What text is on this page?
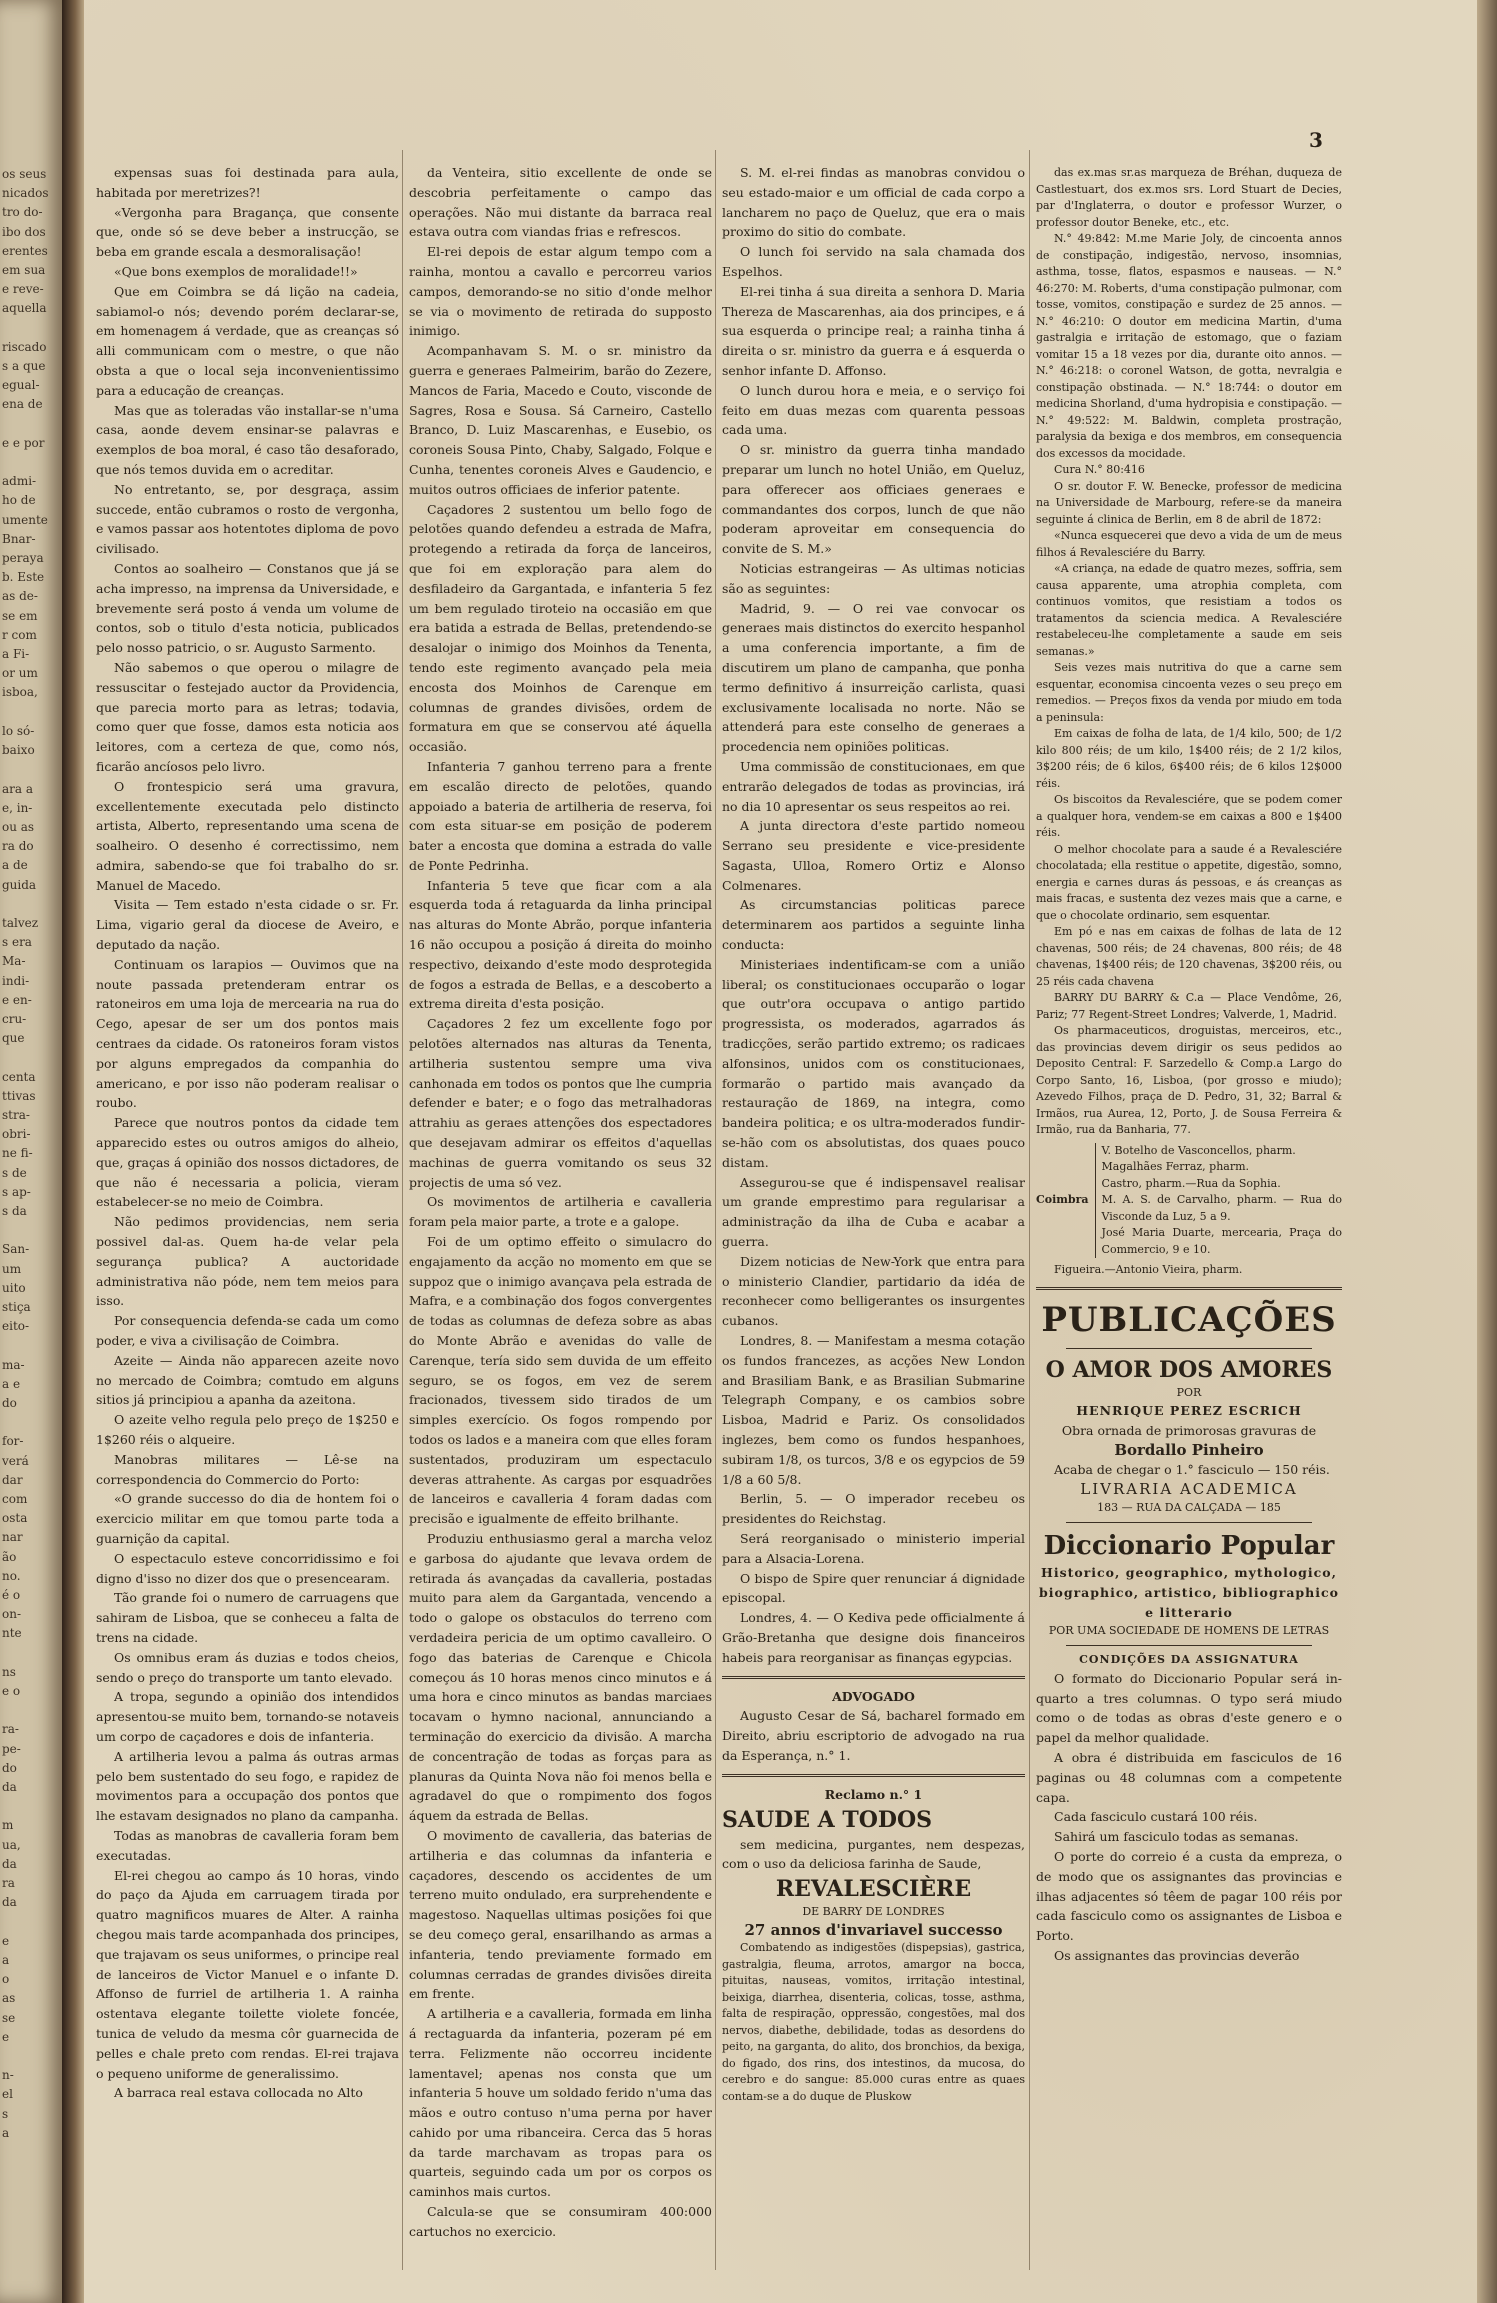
os seus
nicados
tro do-
ibo dos
erentes
em sua
e reve-
aquella

riscado
s a que
egual-
ena de

e e por

admi-
ho de
umente
Bnar-
peraya
b. Este
as de-
se em
r com
a Fi-
or um
isboa,

lo só-
baixo

ara a
e, in-
ou as
ra do
a de
guida

talvez
s era
Ma-
indi-
e en-
cru-
que

centa
ttivas
stra-
obri-
ne fi-
s de
s ap-
s da

San-
um
uito
stiça
eito-

ma-
a e
do

for-
verá
dar
com
osta
nar
ão
no.
é o
on-
nte

ns
e o

ra-
pe-
do
da

m
ua,
da
ra
da

e
a
o
as
se
e

n-
el
s
a
3

expensas suas foi destinada para aula, habitada por meretrizes?!

«Vergonha para Bragança, que consente que, onde só se deve beber a instrucção, se beba em grande escala a desmoralisação!

«Que bons exemplos de moralidade!!»

Que em Coimbra se dá lição na cadeia, sabiamol-o nós; devendo porém declarar-se, em homenagem á verdade, que as creanças só alli communicam com o mestre, o que não obsta a que o local seja inconvenientissimo para a educação de creanças.

Mas que as toleradas vão installar-se n'uma casa, aonde devem ensinar-se palavras e exemplos de boa moral, é caso tão desaforado, que nós temos duvida em o acreditar.

No entretanto, se, por desgraça, assim succede, então cubramos o rosto de vergonha, e vamos passar aos hotentotes diploma de povo civilisado.

Contos ao soalheiro — Constanos que já se acha impresso, na imprensa da Universidade, e brevemente será posto á venda um volume de contos, sob o titulo d'esta noticia, publicados pelo nosso patricio, o sr. Augusto Sarmento.

Não sabemos o que operou o milagre de ressuscitar o festejado auctor da Providencia, que parecia morto para as letras; todavia, como quer que fosse, damos esta noticia aos leitores, com a certeza de que, como nós, ficarão ancíosos pelo livro.

O frontespicio será uma gravura, excellentemente executada pelo distincto artista, Alberto, representando uma scena de soalheiro. O desenho é correctissimo, nem admira, sabendo-se que foi trabalho do sr. Manuel de Macedo.

Visita — Tem estado n'esta cidade o sr. Fr. Lima, vigario geral da diocese de Aveiro, e deputado da nação.

Continuam os larapios — Ouvimos que na noute passada pretenderam entrar os ratoneiros em uma loja de mercearia na rua do Cego, apesar de ser um dos pontos mais centraes da cidade. Os ratoneiros foram vistos por alguns empregados da companhia do americano, e por isso não poderam realisar o roubo.

Parece que noutros pontos da cidade tem apparecido estes ou outros amigos do alheio, que, graças á opinião dos nossos dictadores, de que não é necessaria a policia, vieram estabelecer-se no meio de Coimbra.

Não pedimos providencias, nem seria possivel dal-as. Quem ha-de velar pela segurança publica? A auctoridade administrativa não póde, nem tem meios para isso.

Por consequencia defenda-se cada um como poder, e viva a civilisação de Coimbra.

Azeite — Ainda não apparecen azeite novo no mercado de Coimbra; comtudo em alguns sitios já principiou a apanha da azeitona.

O azeite velho regula pelo preço de 1$250 e 1$260 réis o alqueire.

Manobras militares — Lê-se na correspondencia do Commercio do Porto:

«O grande successo do dia de hontem foi o exercicio militar em que tomou parte toda a guarnição da capital.

O espectaculo esteve concorridissimo e foi digno d'isso no dizer dos que o presencearam.

Tão grande foi o numero de carruagens que sahiram de Lisboa, que se conheceu a falta de trens na cidade.

Os omnibus eram ás duzias e todos cheios, sendo o preço do transporte um tanto elevado.

A tropa, segundo a opinião dos intendidos apresentou-se muito bem, tornando-se notaveis um corpo de caçadores e dois de infanteria.

A artilheria levou a palma ás outras armas pelo bem sustentado do seu fogo, e rapidez de movimentos para a occupação dos pontos que lhe estavam designados no plano da campanha.

Todas as manobras de cavalleria foram bem executadas.

El-rei chegou ao campo ás 10 horas, vindo do paço da Ajuda em carruagem tirada por quatro magnificos muares de Alter. A rainha chegou mais tarde acompanhada dos principes, que trajavam os seus uniformes, o principe real de lanceiros de Victor Manuel e o infante D. Affonso de furriel de artilheria 1. A rainha ostentava elegante toilette violete foncée, tunica de veludo da mesma côr guarnecida de pelles e chale preto com rendas. El-rei trajava o pequeno uniforme de generalissimo.

A barraca real estava collocada no Alto

da Venteira, sitio excellente de onde se descobria perfeitamente o campo das operações. Não mui distante da barraca real estava outra com viandas frias e refrescos.

El-rei depois de estar algum tempo com a rainha, montou a cavallo e percorreu varios campos, demorando-se no sitio d'onde melhor se via o movimento de retirada do supposto inimigo.

Acompanhavam S. M. o sr. ministro da guerra e generaes Palmeirim, barão do Zezere, Mancos de Faria, Macedo e Couto, visconde de Sagres, Rosa e Sousa. Sá Carneiro, Castello Branco, D. Luiz Mascarenhas, e Eusebio, os coroneis Sousa Pinto, Chaby, Salgado, Folque e Cunha, tenentes coroneis Alves e Gaudencio, e muitos outros officiaes de inferior patente.

Caçadores 2 sustentou um bello fogo de pelotões quando defendeu a estrada de Mafra, protegendo a retirada da força de lanceiros, que foi em exploração para alem do desfiladeiro da Gargantada, e infanteria 5 fez um bem regulado tiroteio na occasião em que era batida a estrada de Bellas, pretendendo-se desalojar o inimigo dos Moinhos da Tenenta, tendo este regimento avançado pela meia encosta dos Moinhos de Carenque em columnas de grandes divisões, ordem de formatura em que se conservou até áquella occasião.

Infanteria 7 ganhou terreno para a frente em escalão directo de pelotões, quando appoiado a bateria de artilheria de reserva, foi com esta situar-se em posição de poderem bater a encosta que domina a estrada do valle de Ponte Pedrinha.

Infanteria 5 teve que ficar com a ala esquerda toda á retaguarda da linha principal nas alturas do Monte Abrão, porque infanteria 16 não occupou a posição á direita do moinho respectivo, deixando d'este modo desprotegida de fogos a estrada de Bellas, e a descoberto a extrema direita d'esta posição.

Caçadores 2 fez um excellente fogo por pelotões alternados nas alturas da Tenenta, artilheria sustentou sempre uma viva canhonada em todos os pontos que lhe cumpria defender e bater; e o fogo das metralhadoras attrahiu as geraes attenções dos espectadores que desejavam admirar os effeitos d'aquellas machinas de guerra vomitando os seus 32 projectis de uma só vez.

Os movimentos de artilheria e cavalleria foram pela maior parte, a trote e a galope.

Foi de um optimo effeito o simulacro do engajamento da acção no momento em que se suppoz que o inimigo avançava pela estrada de Mafra, e a combinação dos fogos convergentes de todas as columnas de defeza sobre as abas do Monte Abrão e avenidas do valle de Carenque, tería sido sem duvida de um effeito seguro, se os fogos, em vez de serem fracionados, tivessem sido tirados de um simples exercício. Os fogos rompendo por todos os lados e a maneira com que elles foram sustentados, produziram um espectaculo deveras attrahente. As cargas por esquadrões de lanceiros e cavalleria 4 foram dadas com precisão e igualmente de effeito brilhante.

Produziu enthusiasmo geral a marcha veloz e garbosa do ajudante que levava ordem de retirada ás avançadas da cavalleria, postadas muito para alem da Gargantada, vencendo a todo o galope os obstaculos do terreno com verdadeira pericia de um optimo cavalleiro. O fogo das baterias de Carenque e Chicola começou ás 10 horas menos cinco minutos e á uma hora e cinco minutos as bandas marciaes tocavam o hymno nacional, annunciando a terminação do exercicio da divisão. A marcha de concentração de todas as forças para as planuras da Quinta Nova não foi menos bella e agradavel do que o rompimento dos fogos áquem da estrada de Bellas.

O movimento de cavalleria, das baterias de artilheria e das columnas da infanteria e caçadores, descendo os accidentes de um terreno muito ondulado, era surprehendente e magestoso. Naquellas ultimas posições foi que se deu começo geral, ensarilhando as armas a infanteria, tendo previamente formado em columnas cerradas de grandes divisões direita em frente.

A artilheria e a cavalleria, formada em linha á rectaguarda da infanteria, pozeram pé em terra. Felizmente não occorreu incidente lamentavel; apenas nos consta que um infanteria 5 houve um soldado ferido n'uma das mãos e outro contuso n'uma perna por haver cahido por uma ribanceira. Cerca das 5 horas da tarde marchavam as tropas para os quarteis, seguindo cada um por os corpos os caminhos mais curtos.

Calcula-se que se consumiram 400:000 cartuchos no exercicio.

S. M. el-rei findas as manobras convidou o seu estado-maior e um official de cada corpo a lancharem no paço de Queluz, que era o mais proximo do sitio do combate.

O lunch foi servido na sala chamada dos Espelhos.

El-rei tinha á sua direita a senhora D. Maria Thereza de Mascarenhas, aia dos principes, e á sua esquerda o principe real; a rainha tinha á direita o sr. ministro da guerra e á esquerda o senhor infante D. Affonso.

O lunch durou hora e meia, e o serviço foi feito em duas mezas com quarenta pessoas cada uma.

O sr. ministro da guerra tinha mandado preparar um lunch no hotel União, em Queluz, para offerecer aos officiaes generaes e commandantes dos corpos, lunch de que não poderam aproveitar em consequencia do convite de S. M.»

Noticias estrangeiras — As ultimas noticias são as seguintes:

Madrid, 9. — O rei vae convocar os generaes mais distinctos do exercito hespanhol a uma conferencia importante, a fim de discutirem um plano de campanha, que ponha termo definitivo á insurreição carlista, quasi exclusivamente localisada no norte. Não se attenderá para este conselho de generaes a procedencia nem opiniões politicas.

Uma commissão de constitucionaes, em que entrarão delegados de todas as provincias, irá no dia 10 apresentar os seus respeitos ao rei.

A junta directora d'este partido nomeou Serrano seu presidente e vice-presidente Sagasta, Ulloa, Romero Ortiz e Alonso Colmenares.

As circumstancias politicas parece determinarem aos partidos a seguinte linha conducta:

Ministeriaes indentificam-se com a união liberal; os constitucionaes occuparão o logar que outr'ora occupava o antigo partido progressista, os moderados, agarrados ás tradicções, serão partido extremo; os radicaes alfonsinos, unidos com os constitucionaes, formarão o partido mais avançado da restauração de 1869, na integra, como bandeira politica; e os ultra-moderados fundir-se-hão com os absolutistas, dos quaes pouco distam.

Assegurou-se que é indispensavel realisar um grande emprestimo para regularisar a administração da ilha de Cuba e acabar a guerra.

Dizem noticias de New-York que entra para o ministerio Clandier, partidario da idéa de reconhecer como belligerantes os insurgentes cubanos.

Londres, 8. — Manifestam a mesma cotação os fundos francezes, as acções New London and Brasiliam Bank, e as Brasilian Submarine Telegraph Company, e os cambios sobre Lisboa, Madrid e Pariz. Os consolidados inglezes, bem como os fundos hespanhoes, subiram 1/8, os turcos, 3/8 e os egypcios de 59 1/8 a 60 5/8.

Berlin, 5. — O imperador recebeu os presidentes do Reichstag.

Será reorganisado o ministerio imperial para a Alsacia-Lorena.

O bispo de Spire quer renunciar á dignidade episcopal.

Londres, 4. — O Kediva pede officialmente á Grão-Bretanha que designe dois financeiros habeis para reorganisar as finanças egypcias.

ADVOGADO

Augusto Cesar de Sá, bacharel formado em Direito, abriu escriptorio de advogado na rua da Esperança, n.° 1.

Reclamo n.° 1

SAUDE A TODOS

sem medicina, purgantes, nem despezas, com o uso da deliciosa farinha de Saude,

REVALESCIÈRE

DE BARRY DE LONDRES

27 annos d'invariavel successo

Combatendo as indigestões (dispepsias), gastrica, gastralgia, fleuma, arrotos, amargor na bocca, pituitas, nauseas, vomitos, irritação intestinal, beixiga, diarrhea, disenteria, colicas, tosse, asthma, falta de respiração, oppressão, congestões, mal dos nervos, diabethe, debilidade, todas as desordens do peito, na garganta, do alito, dos bronchios, da bexiga, do figado, dos rins, dos intestinos, da mucosa, do cerebro e do sangue: 85.000 curas entre as quaes contam-se a do duque de Pluskow

das ex.mas sr.as marqueza de Bréhan, duqueza de Castlestuart, dos ex.mos srs. Lord Stuart de Decies, par d'Inglaterra, o doutor e professor Wurzer, o professor doutor Beneke, etc., etc.

N.° 49:842: M.me Marie Joly, de cincoenta annos de constipação, indigestão, nervoso, insomnias, asthma, tosse, flatos, espasmos e nauseas. — N.° 46:270: M. Roberts, d'uma constipação pulmonar, com tosse, vomitos, constipação e surdez de 25 annos. — N.° 46:210: O doutor em medicina Martin, d'uma gastralgia e irritação de estomago, que o faziam vomitar 15 a 18 vezes por dia, durante oito annos. — N.° 46:218: o coronel Watson, de gotta, nevralgia e constipação obstinada. — N.° 18:744: o doutor em medicina Shorland, d'uma hydropisia e constipação. — N.° 49:522: M. Baldwin, completa prostração, paralysia da bexiga e dos membros, em consequencia dos excessos da mocidade.

Cura N.° 80:416

O sr. doutor F. W. Benecke, professor de medicina na Universidade de Marbourg, refere-se da maneira seguinte á clinica de Berlin, em 8 de abril de 1872:

«Nunca esquecerei que devo a vida de um de meus filhos á Revalesciére du Barry.

«A criança, na edade de quatro mezes, soffria, sem causa apparente, uma atrophia completa, com continuos vomitos, que resistiam a todos os tratamentos da sciencia medica. A Revalesciére restabeleceu-lhe completamente a saude em seis semanas.»

Seis vezes mais nutritiva do que a carne sem esquentar, economisa cincoenta vezes o seu preço em remedios. — Preços fixos da venda por miudo em toda a peninsula:

Em caixas de folha de lata, de 1/4 kilo, 500; de 1/2 kilo 800 réis; de um kilo, 1$400 réis; de 2 1/2 kilos, 3$200 réis; de 6 kilos, 6$400 réis; de 6 kilos 12$000 réis.

Os biscoitos da Revalesciére, que se podem comer a qualquer hora, vendem-se em caixas a 800 e 1$400 réis.

O melhor chocolate para a saude é a Revalesciére chocolatada; ella restitue o appetite, digestão, somno, energia e carnes duras ás pessoas, e ás creanças as mais fracas, e sustenta dez vezes mais que a carne, e que o chocolate ordinario, sem esquentar.

Em pó e nas em caixas de folhas de lata de 12 chavenas, 500 réis; de 24 chavenas, 800 réis; de 48 chavenas, 1$400 réis; de 120 chavenas, 3$200 réis, ou 25 réis cada chavena

BARRY DU BARRY & C.a — Place Vendôme, 26, Pariz; 77 Regent-Street Londres; Valverde, 1, Madrid.

Os pharmaceuticos, droguistas, merceiros, etc., das provincias devem dirigir os seus pedidos ao Deposito Central: F. Sarzedello & Comp.a Largo do Corpo Santo, 16, Lisboa, (por grosso e miudo); Azevedo Filhos, praça de D. Pedro, 31, 32; Barral & Irmãos, rua Aurea, 12, Porto, J. de Sousa Ferreira & Irmão, rua da Banharia, 77.

Coimbra
V. Botelho de Vasconcellos, pharm.
Magalhães Ferraz, pharm.
Castro, pharm.—Rua da Sophia.
M. A. S. de Carvalho, pharm. — Rua do Visconde da Luz, 5 a 9.
José Maria Duarte, mercearia, Praça do Commercio, 9 e 10.

Figueira.—Antonio Vieira, pharm.

PUBLICAÇÕES

O AMOR DOS AMORES

POR

HENRIQUE PEREZ ESCRICH

Obra ornada de primorosas gravuras de

Bordallo Pinheiro

Acaba de chegar o 1.° fasciculo — 150 réis.

LIVRARIA ACADEMICA

183 — RUA DA CALÇADA — 185

Diccionario Popular

Historico, geographico, mythologico, biographico, artistico, bibliographico e litterario

POR UMA SOCIEDADE DE HOMENS DE LETRAS

CONDIÇÕES DA ASSIGNATURA

O formato do Diccionario Popular será in-quarto a tres columnas. O typo será miudo como o de todas as obras d'este genero e o papel da melhor qualidade.

A obra é distribuida em fasciculos de 16 paginas ou 48 columnas com a competente capa.

Cada fasciculo custará 100 réis.

Sahirá um fasciculo todas as semanas.

O porte do correio é a custa da empreza, o de modo que os assignantes das provincias e ilhas adjacentes só têem de pagar 100 réis por cada fasciculo como os assignantes de Lisboa e Porto.

Os assignantes das provincias deverão
